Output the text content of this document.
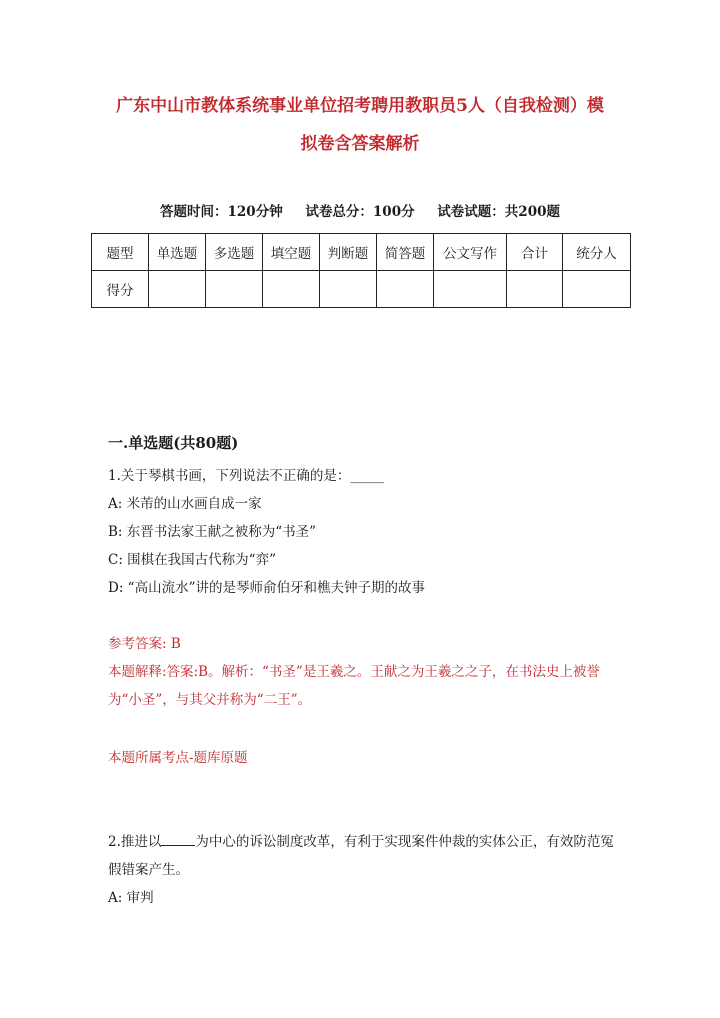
广东中山市教体系统事业单位招考聘用教职员5人（自我检测）模
拟卷含答案解析
答题时间：120分钟 试卷总分：100分 试卷试题：共200题
题型	单选题	多选题	填空题	判断题	简答题	公文写作	合计	统分人
得分								
一.单选题(共80题)
1.关于琴棋书画，下列说法不正确的是：_____
A: 米芾的山水画自成一家
B: 东晋书法家王献之被称为“书圣”
C: 围棋在我国古代称为“弈”
D: “高山流水”讲的是琴师俞伯牙和樵夫钟子期的故事
参考答案: B
本题解释:答案:B。解析：“书圣”是王羲之。王献之为王羲之之子，在书法史上被誉为“小圣”，与其父并称为“二王”。
本题所属考点-题库原题
2.推进以	为中心的诉讼制度改革，有利于实现案件仲裁的实体公正，有效防范冤假错案产生。
A: 审判
